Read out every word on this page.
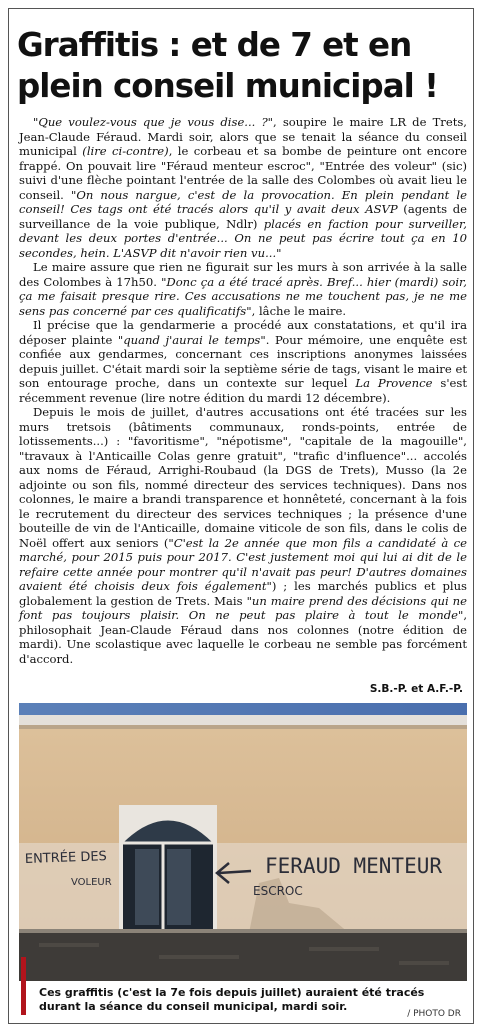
Graffitis : et de 7 et en
plein conseil municipal !

"Que voulez-vous que je vous dise... ?", soupire le maire LR de Trets, Jean-Claude Féraud. Mardi soir, alors que se tenait la séance du conseil municipal (lire ci-contre), le corbeau et sa bombe de peinture ont encore frappé. On pouvait lire "Féraud menteur escroc", "Entrée des voleur" (sic) suivi d'une flèche pointant l'entrée de la salle des Colombes où avait lieu le conseil. "On nous nargue, c'est de la provocation. En plein pendant le conseil! Ces tags ont été tracés alors qu'il y avait deux ASVP (agents de surveillance de la voie publique, Ndlr) placés en faction pour surveiller, devant les deux portes d'entrée... On ne peut pas écrire tout ça en 10 secondes, hein. L'ASVP dit n'avoir rien vu..."

Le maire assure que rien ne figurait sur les murs à son arrivée à la salle des Colombes à 17h50. "Donc ça a été tracé après. Bref... hier (mardi) soir, ça me faisait presque rire. Ces accusations ne me touchent pas, je ne me sens pas concerné par ces qualificatifs", lâche le maire.

Il précise que la gendarmerie a procédé aux constatations, et qu'il ira déposer plainte "quand j'aurai le temps". Pour mémoire, une enquête est confiée aux gendarmes, concernant ces inscriptions anonymes laissées depuis juillet. C'était mardi soir la septième série de tags, visant le maire et son entourage proche, dans un contexte sur lequel La Provence s'est récemment revenue (lire notre édition du mardi 12 décembre).

Depuis le mois de juillet, d'autres accusations ont été tracées sur les murs tretsois (bâtiments communaux, ronds-points, entrée de lotissements...) : "favoritisme", "népotisme", "capitale de la magouille", "travaux à l'Anticaille Colas genre gratuit", "trafic d'influence"... accolés aux noms de Féraud, Arrighi-Roubaud (la DGS de Trets), Musso (la 2e adjointe ou son fils, nommé directeur des services techniques). Dans nos colonnes, le maire a brandi transparence et honnêteté, concernant à la fois le recrutement du directeur des services techniques ; la présence d'une bouteille de vin de l'Anticaille, domaine viticole de son fils, dans le colis de Noël offert aux seniors ("C'est la 2e année que mon fils a candidaté à ce marché, pour 2015 puis pour 2017. C'est justement moi qui lui ai dit de le refaire cette année pour montrer qu'il n'avait pas peur! D'autres domaines avaient été choisis deux fois également") ; les marchés publics et plus globalement la gestion de Trets. Mais "un maire prend des décisions qui ne font pas toujours plaisir. On ne peut pas plaire à tout le monde", philosophait Jean-Claude Féraud dans nos colonnes (notre édition de mardi). Une scolastique avec laquelle le corbeau ne semble pas forcément d'accord.

S.B.-P. et A.F.-P.
ENTRÉE DES
VOLEUR
FERAUD MENTEUR
ESCROC
Ces graffitis (c'est la 7e fois depuis juillet) auraient été tracés durant la séance du conseil municipal, mardi soir.
/ PHOTO DR
